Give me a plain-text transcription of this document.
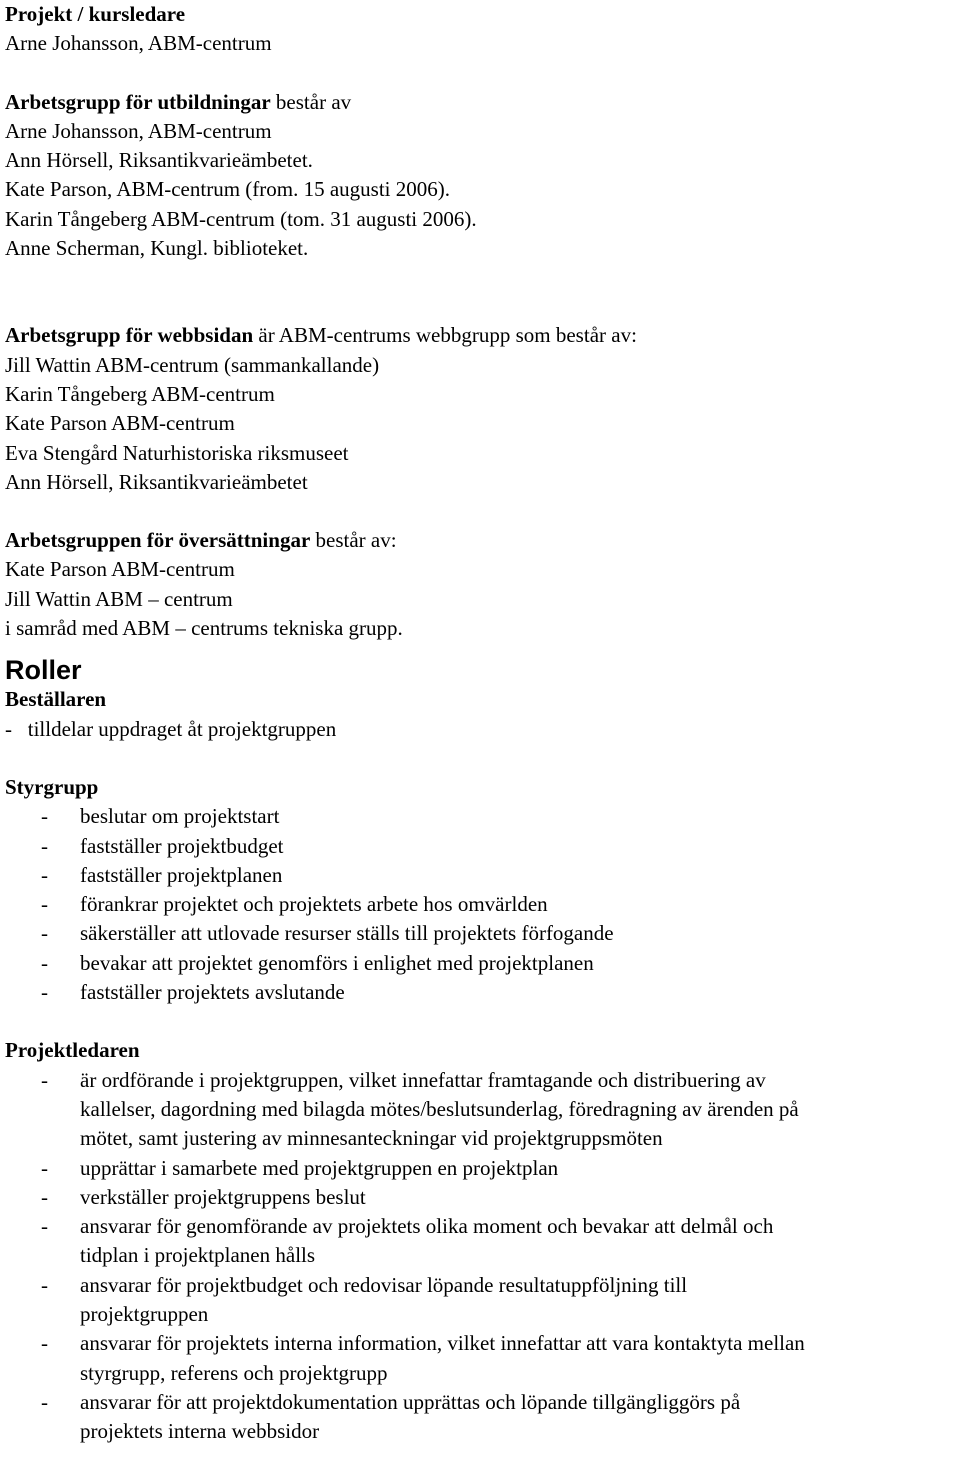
Projekt / kursledare
Arne Johansson, ABM-centrum
Arbetsgrupp för utbildningar består av
Arne Johansson, ABM-centrum
Ann Hörsell, Riksantikvarieämbetet.
Kate Parson, ABM-centrum (from. 15 augusti 2006).
Karin Tångeberg ABM-centrum (tom. 31 augusti 2006).
Anne Scherman, Kungl. biblioteket.
Arbetsgrupp för webbsidan är ABM-centrums webbgrupp som består av:
Jill Wattin ABM-centrum (sammankallande)
Karin Tångeberg ABM-centrum
Kate Parson ABM-centrum
Eva Stengård Naturhistoriska riksmuseet
Ann Hörsell, Riksantikvarieämbetet
Arbetsgruppen för översättningar består av:
Kate Parson ABM-centrum
Jill Wattin ABM – centrum
i samråd med ABM – centrums tekniska grupp.
Roller
Beställaren
- tilldelar uppdraget åt projektgruppen
Styrgrupp
- beslutar om projektstart
- fastställer projektbudget
- fastställer projektplanen
- förankrar projektet och projektets arbete hos omvärlden
- säkerställer att utlovade resurser ställs till projektets förfogande
- bevakar att projektet genomförs i enlighet med projektplanen
- fastställer projektets avslutande
Projektledaren
- är ordförande i projektgruppen, vilket innefattar framtagande och distribuering av
kallelser, dagordning med bilagda mötes/beslutsunderlag, föredragning av ärenden på
mötet, samt justering av minnesanteckningar vid projektgruppsmöten
- upprättar i samarbete med projektgruppen en projektplan
- verkställer projektgruppens beslut
- ansvarar för genomförande av projektets olika moment och bevakar att delmål och
tidplan i projektplanen hålls
- ansvarar för projektbudget och redovisar löpande resultatuppföljning till
projektgruppen
- ansvarar för projektets interna information, vilket innefattar att vara kontaktyta mellan
styrgrupp, referens och projektgrupp
- ansvarar för att projektdokumentation upprättas och löpande tillgängliggörs på
projektets interna webbsidor
